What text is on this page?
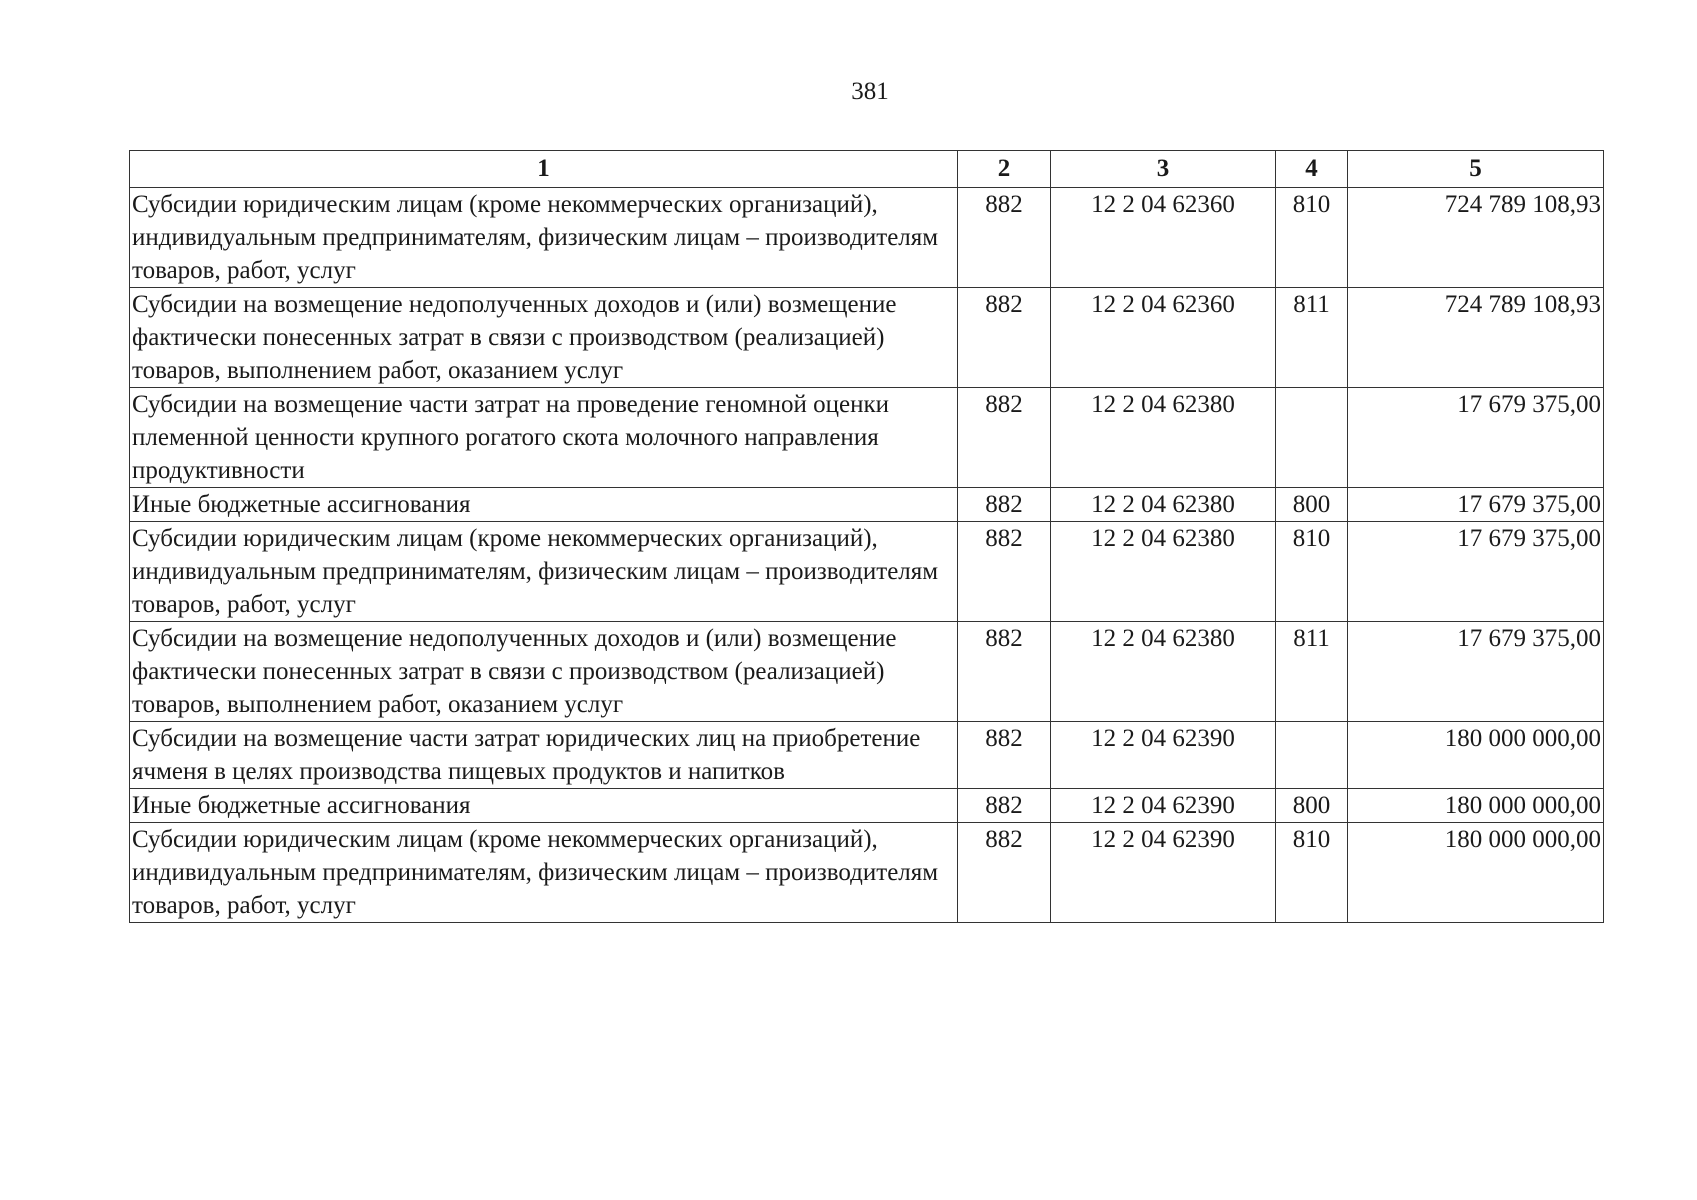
381
1	2	3	4	5
Субсидии юридическим лицам (кроме некоммерческих организаций), индивидуальным предпринимателям, физическим лицам – производителям товаров, работ, услуг	882	12 2 04 62360	810	724 789 108,93
Субсидии на возмещение недополученных доходов и (или) возмещение фактически понесенных затрат в связи с производством (реализацией) товаров, выполнением работ, оказанием услуг	882	12 2 04 62360	811	724 789 108,93
Субсидии на возмещение части затрат на проведение геномной оценки племенной ценности крупного рогатого скота молочного направления продуктивности	882	12 2 04 62380		17 679 375,00
Иные бюджетные ассигнования	882	12 2 04 62380	800	17 679 375,00
Субсидии юридическим лицам (кроме некоммерческих организаций), индивидуальным предпринимателям, физическим лицам – производителям товаров, работ, услуг	882	12 2 04 62380	810	17 679 375,00
Субсидии на возмещение недополученных доходов и (или) возмещение фактически понесенных затрат в связи с производством (реализацией) товаров, выполнением работ, оказанием услуг	882	12 2 04 62380	811	17 679 375,00
Субсидии на возмещение части затрат юридических лиц на приобретение ячменя в целях производства пищевых продуктов и напитков	882	12 2 04 62390		180 000 000,00
Иные бюджетные ассигнования	882	12 2 04 62390	800	180 000 000,00
Субсидии юридическим лицам (кроме некоммерческих организаций), индивидуальным предпринимателям, физическим лицам – производителям товаров, работ, услуг	882	12 2 04 62390	810	180 000 000,00
